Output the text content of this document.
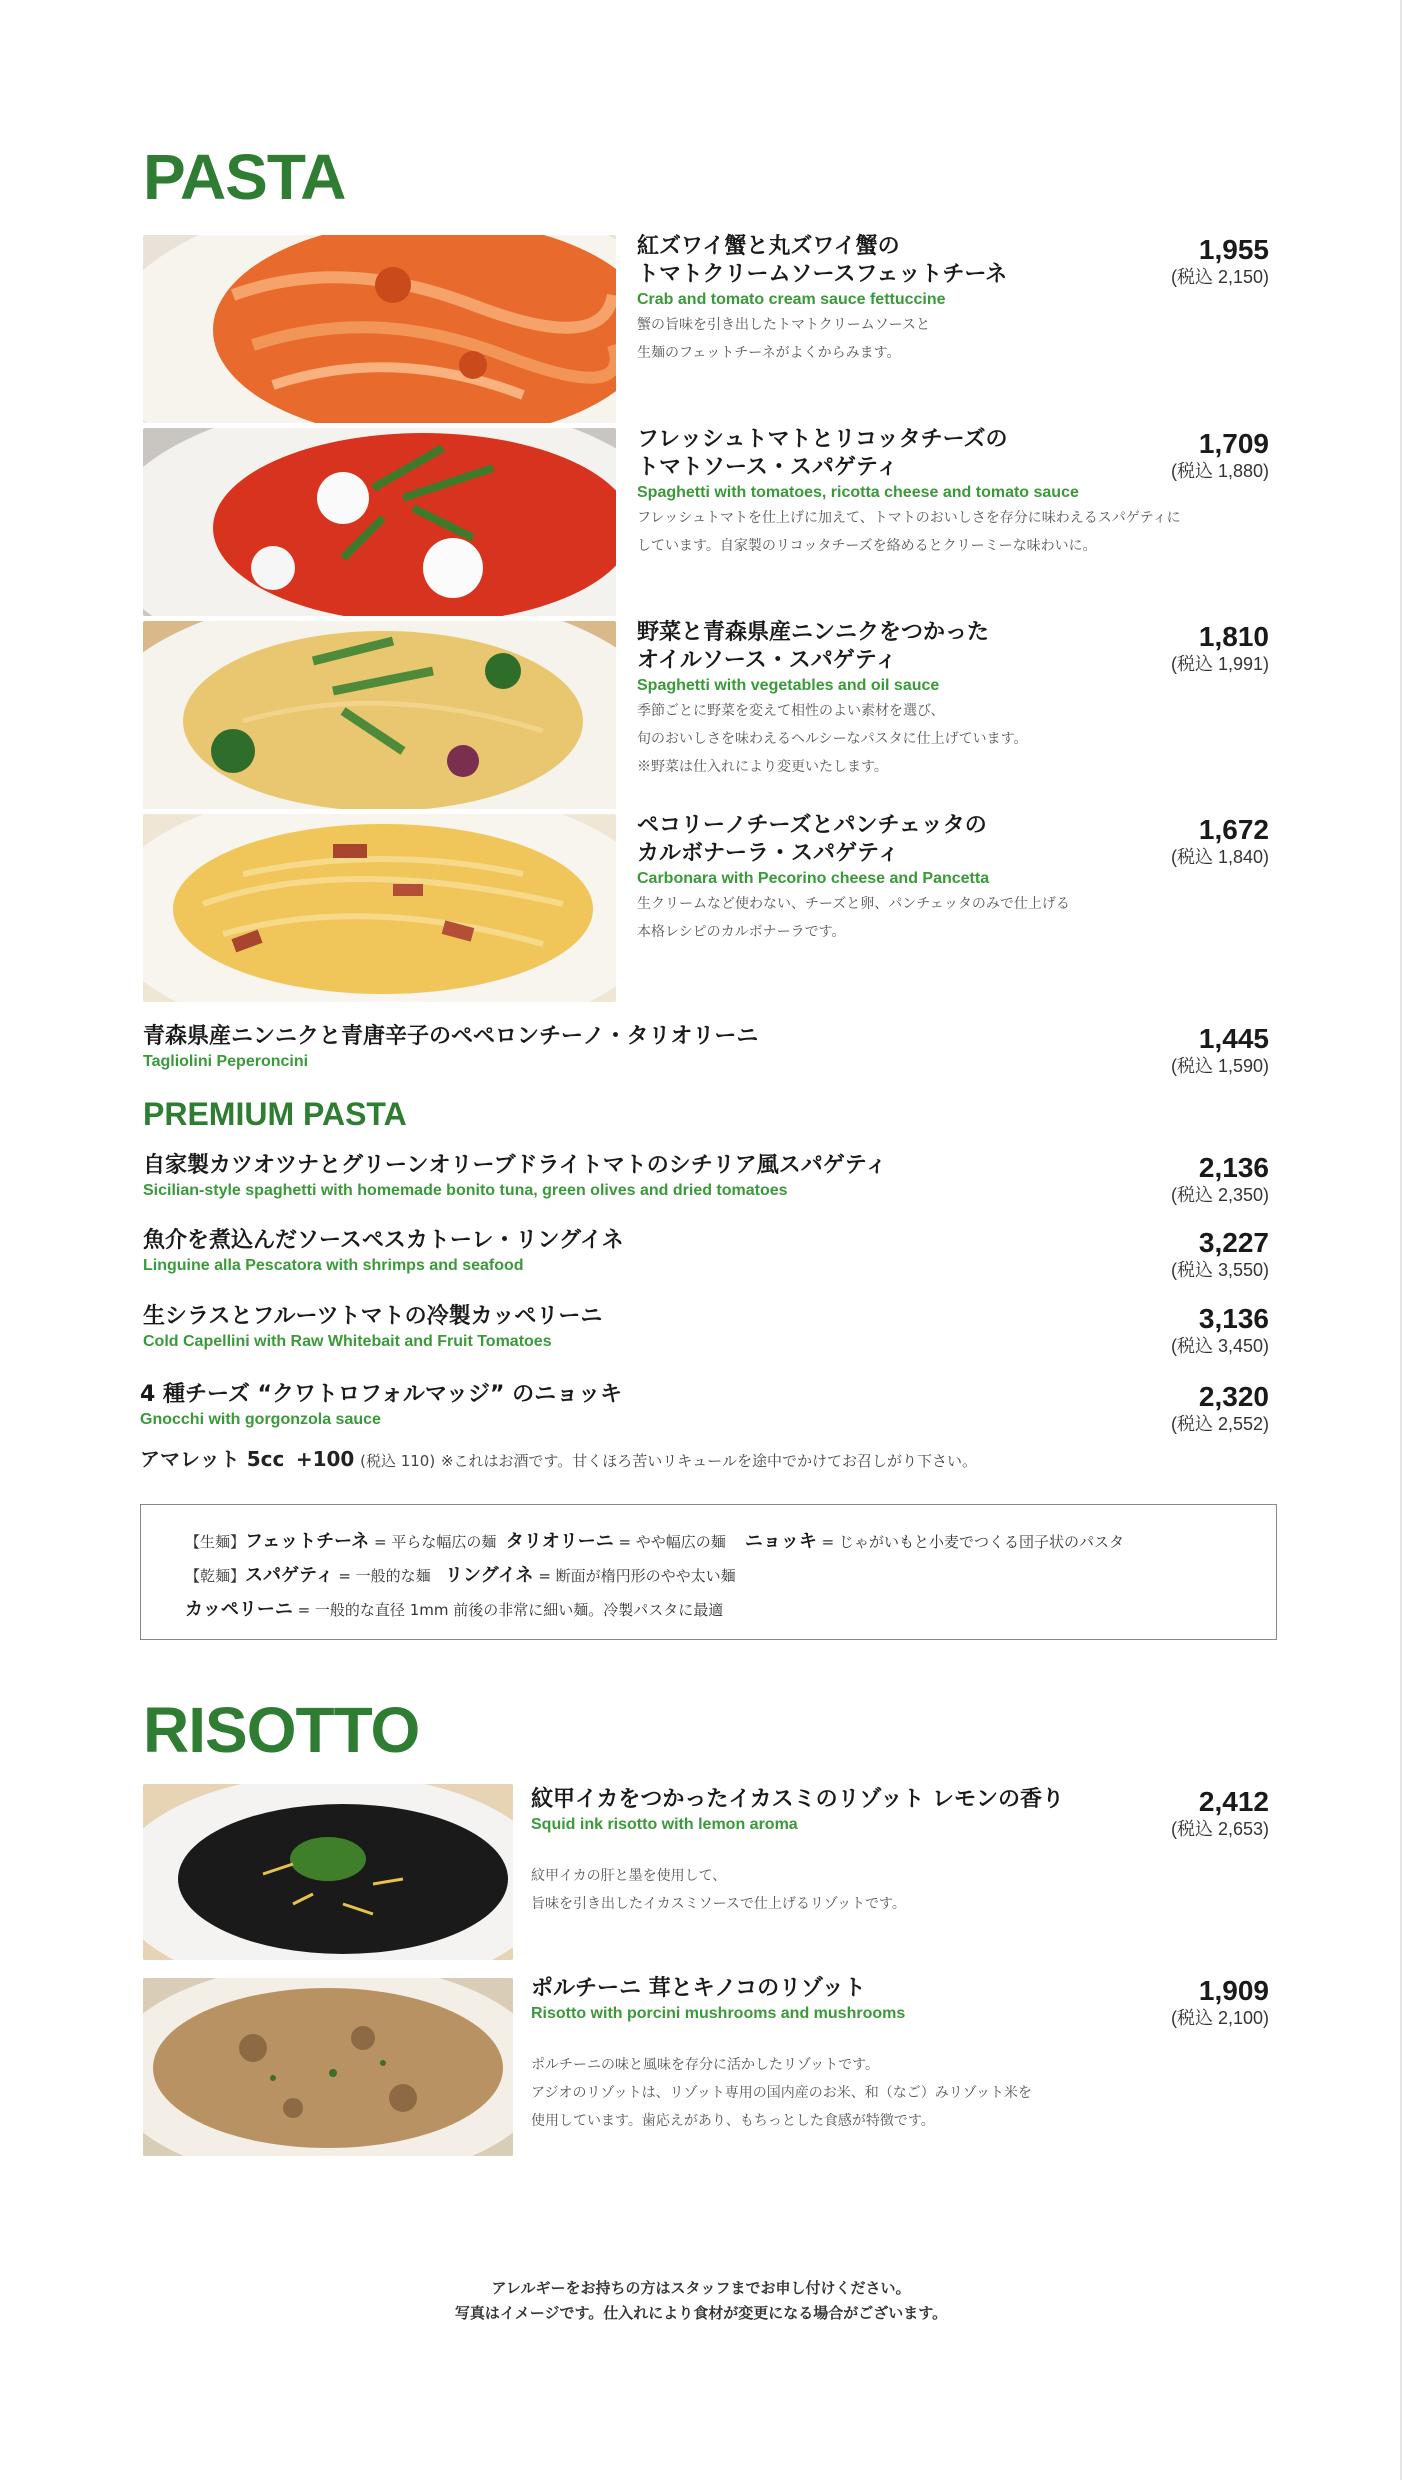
PASTA
紅ズワイ蟹と丸ズワイ蟹の
トマトクリームソースフェットチーネ
Crab and tomato cream sauce fettuccine
蟹の旨味を引き出したトマトクリームソースと
生麺のフェットチーネがよくからみます。
1,955
(税込 2,150)
フレッシュトマトとリコッタチーズの
トマトソース・スパゲティ
Spaghetti with tomatoes, ricotta cheese and tomato sauce
フレッシュトマトを仕上げに加えて、トマトのおいしさを存分に味わえるスパゲティに
しています。自家製のリコッタチーズを絡めるとクリーミーな味わいに。
1,709
(税込 1,880)
野菜と青森県産ニンニクをつかった
オイルソース・スパゲティ
Spaghetti with vegetables and oil sauce
季節ごとに野菜を変えて相性のよい素材を選び、
旬のおいしさを味わえるヘルシーなパスタに仕上げています。
※野菜は仕入れにより変更いたします。
1,810
(税込 1,991)
ペコリーノチーズとパンチェッタの
カルボナーラ・スパゲティ
Carbonara with Pecorino cheese and Pancetta
生クリームなど使わない、チーズと卵、パンチェッタのみで仕上げる
本格レシピのカルボナーラです。
1,672
(税込 1,840)
青森県産ニンニクと青唐辛子のペペロンチーノ・タリオリーニ
Tagliolini Peperoncini
1,445
(税込 1,590)
PREMIUM PASTA
自家製カツオツナとグリーンオリーブドライトマトのシチリア風スパゲティ
Sicilian-style spaghetti with homemade bonito tuna, green olives and dried tomatoes
2,136
(税込 2,350)
魚介を煮込んだソースペスカトーレ・リングイネ
Linguine alla Pescatora with shrimps and seafood
3,227
(税込 3,550)
生シラスとフルーツトマトの冷製カッペリーニ
Cold Capellini with Raw Whitebait and Fruit Tomatoes
3,136
(税込 3,450)
4 種チーズ “クワトロフォルマッジ” のニョッキ
Gnocchi with gorgonzola sauce
2,320
(税込 2,552)
アマレット 5cc +100 (税込 110) ※これはお酒です。甘くほろ苦いリキュールを途中でかけてお召しがり下さい。
【生麺】フェットチーネ = 平らな幅広の麺 タリオリーニ = やや幅広の麺 ニョッキ = じゃがいもと小麦でつくる団子状のパスタ
【乾麺】スパゲティ = 一般的な麺 リングイネ = 断面が楕円形のやや太い麺
カッペリーニ = 一般的な直径 1mm 前後の非常に細い麺。冷製パスタに最適
RISOTTO
紋甲イカをつかったイカスミのリゾット レモンの香り
Squid ink risotto with lemon aroma
紋甲イカの肝と墨を使用して、
旨味を引き出したイカスミソースで仕上げるリゾットです。
2,412
(税込 2,653)
ポルチーニ 茸とキノコのリゾット
Risotto with porcini mushrooms and mushrooms
ポルチーニの味と風味を存分に活かしたリゾットです。
アジオのリゾットは、リゾット専用の国内産のお米、和（なご）みリゾット米を
使用しています。歯応えがあり、もちっとした食感が特徴です。
1,909
(税込 2,100)
アレルギーをお持ちの方はスタッフまでお申し付けください。
写真はイメージです。仕入れにより食材が変更になる場合がございます。
